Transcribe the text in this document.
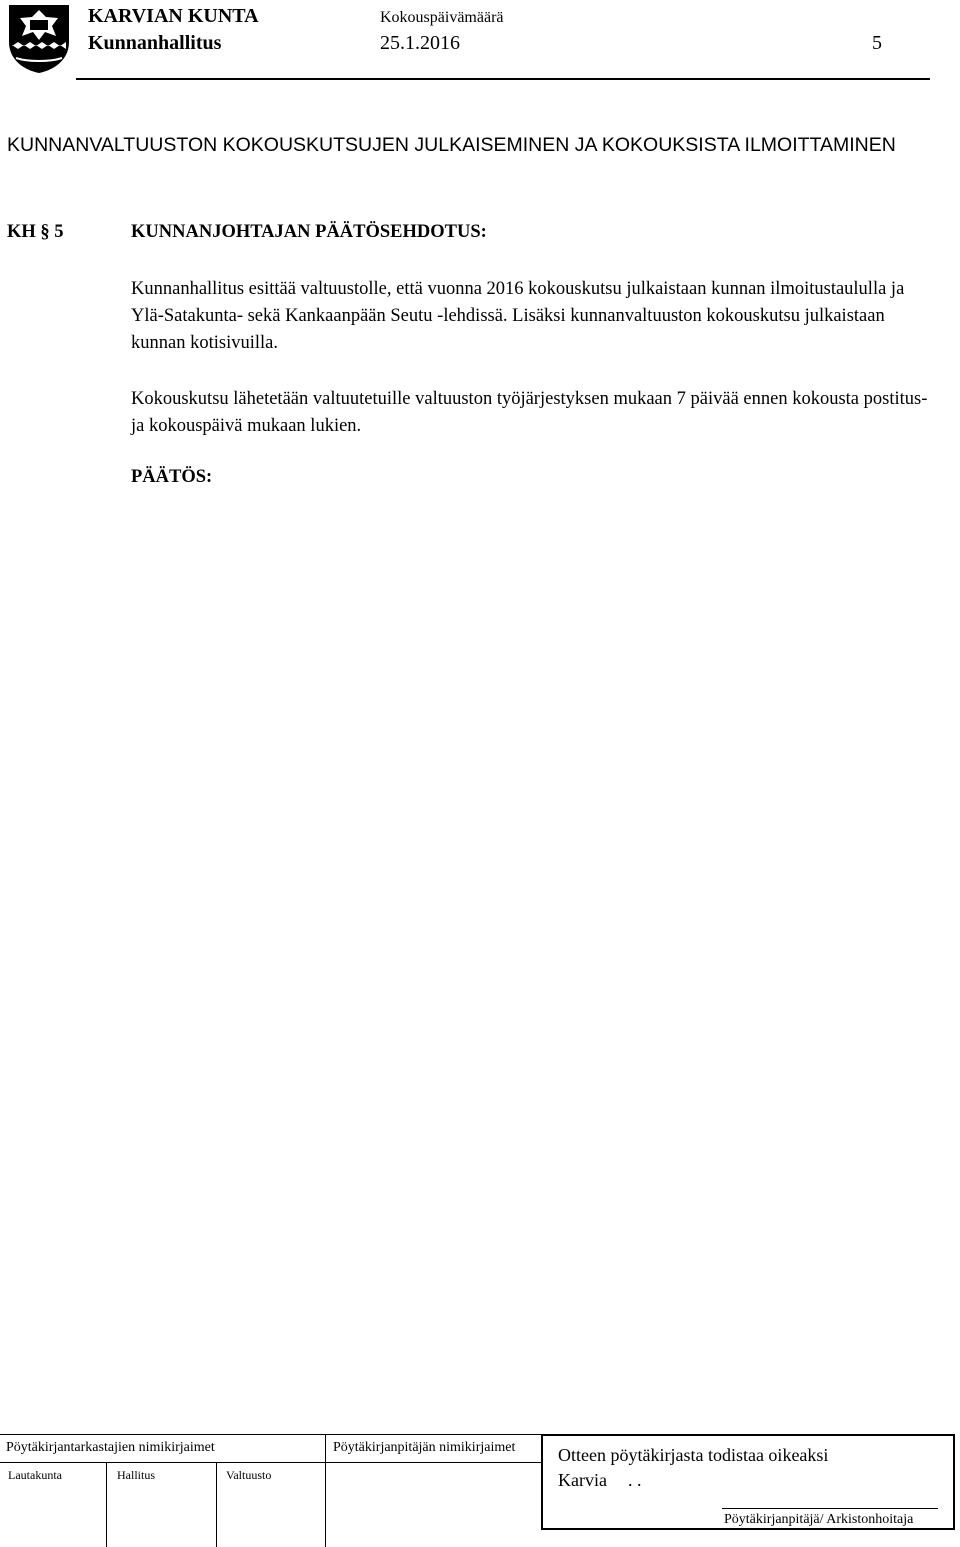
KARVIAN KUNTA
Kunnanhallitus
Kokouspäivämäärä
25.1.2016	5
KUNNANVALTUUSTON KOKOUSKUTSUJEN JULKAISEMINEN JA KOKOUKSISTA ILMOITTAMINEN
KH § 5	KUNNANJOHTAJAN PÄÄTÖSEHDOTUS:
Kunnanhallitus esittää valtuustolle, että vuonna 2016 kokouskutsu julkaistaan kunnan ilmoitustaululla ja Ylä-Satakunta- sekä Kankaanpään Seutu -lehdissä. Lisäksi kunnanvaltuuston kokouskutsu julkaistaan kunnan kotisivuilla.
Kokouskutsu lähetetään valtuutetuille valtuuston työjärjestyksen mukaan 7 päivää ennen kokousta postitus- ja kokouspäivä mukaan lukien.
PÄÄTÖS:
Pöytäkirjantarkastajien nimikirjaimet	Pöytäkirjanpitäjän nimikirjaimet
Lautakunta	Hallitus	Valtuusto
Otteen pöytäkirjasta todistaa oikeaksi
Karvia . .
Pöytäkirjanpitäjä/ Arkistonhoitaja
